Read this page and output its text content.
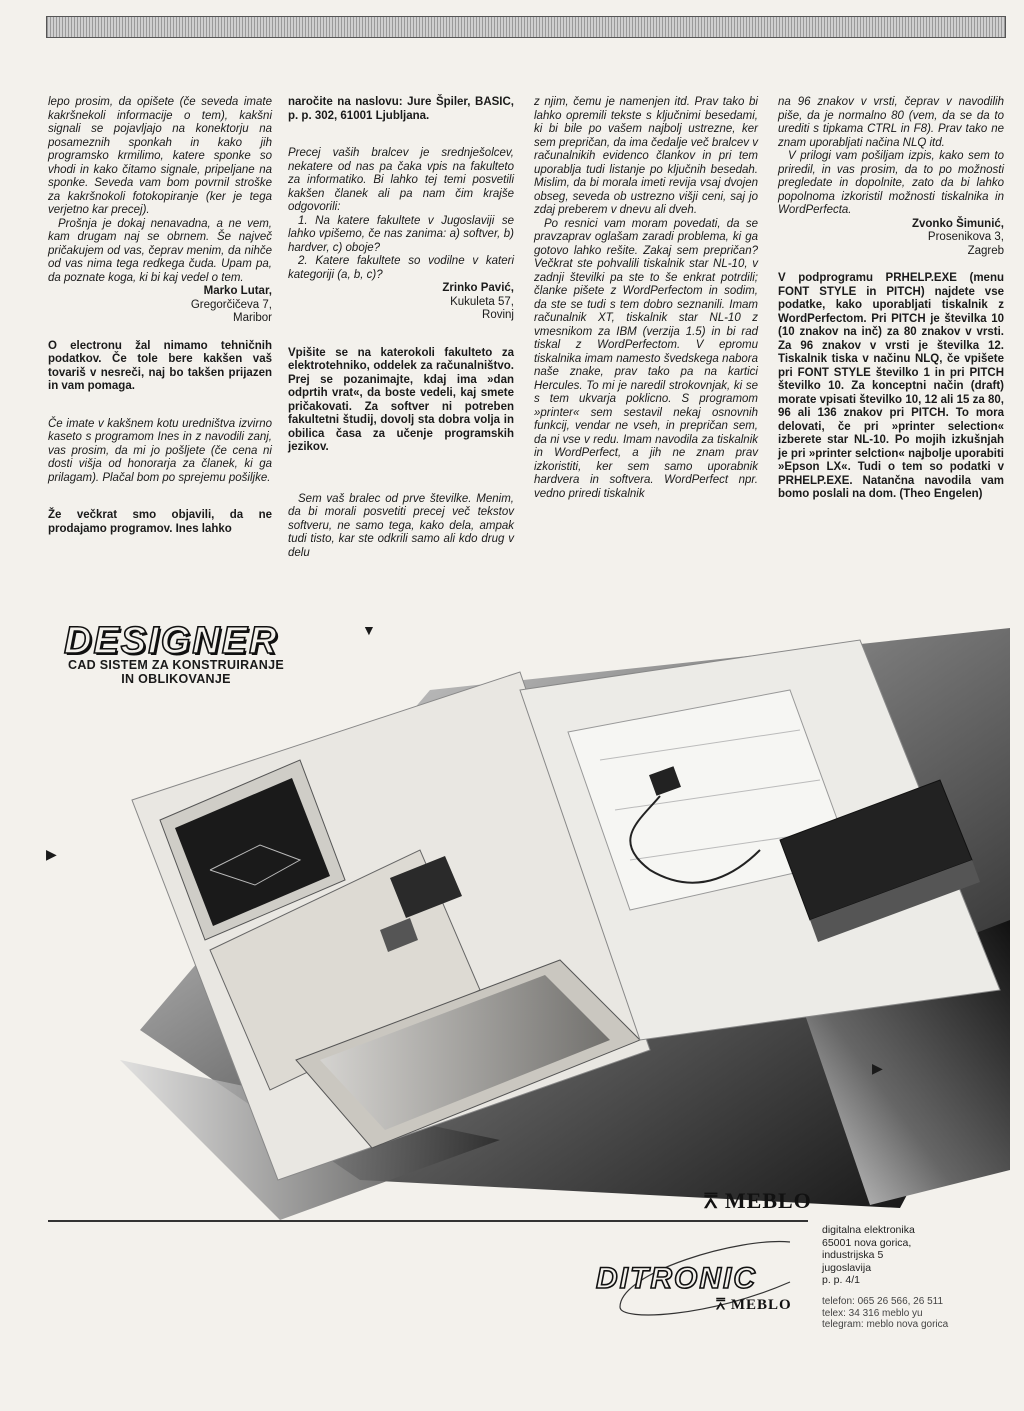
lepo prosim, da opišete (če seveda imate kakršnekoli informacije o tem), kakšni signali se pojavljajo na konektorju na posameznih sponkah in kako jih programsko krmilimo, katere sponke so vhodi in kako čitamo signale, pripeljane na sponke. Seveda vam bom povrnil stroške za kakršnokoli fotokopiranje (ker je tega verjetno kar precej).

Prošnja je dokaj nenavadna, a ne vem, kam drugam naj se obrnem. Še največ pričakujem od vas, čeprav menim, da nihče od vas nima tega redkega čuda. Upam pa, da poznate koga, ki bi kaj vedel o tem.

Marko Lutar,
Gregorčičeva 7,
Maribor

O electronu žal nimamo tehničnih podatkov. Če tole bere kakšen vaš tovariš v nesreči, naj bo takšen prijazen in vam pomaga.

Če imate v kakšnem kotu uredništva izvirno kaseto s programom Ines in z navodili zanj, vas prosim, da mi jo pošljete (če cena ni dosti višja od honorarja za članek, ki ga prilagam). Plačal bom po sprejemu pošiljke.

Že večkrat smo objavili, da ne prodajamo programov. Ines lahko

naročite na naslovu: Jure Špiler, BASIC, p. p. 302, 61001 Ljubljana.

Precej vaših bralcev je srednješolcev, nekatere od nas pa čaka vpis na fakulteto za informatiko. Bi lahko tej temi posvetili kakšen članek ali pa nam čim krajše odgovorili:

1. Na katere fakultete v Jugoslaviji se lahko vpišemo, če nas zanima: a) softver, b) hardver, c) oboje?

2. Katere fakultete so vodilne v kateri kategoriji (a, b, c)?

Zrinko Pavić,
Kukuleta 57,
Rovinj

Vpišite se na katerokoli fakulteto za elektrotehniko, oddelek za računalništvo. Prej se pozanimajte, kdaj ima »dan odprtih vrat«, da boste vedeli, kaj smete pričakovati. Za softver ni potreben fakultetni študij, dovolj sta dobra volja in obilica časa za učenje programskih jezikov.

Sem vaš bralec od prve številke. Menim, da bi morali posvetiti precej več tekstov softveru, ne samo tega, kako dela, ampak tudi tisto, kar ste odkrili samo ali kdo drug v delu

z njim, čemu je namenjen itd. Prav tako bi lahko opremili tekste s ključnimi besedami, ki bi bile po vašem najbolj ustrezne, ker sem prepričan, da ima čedalje več bralcev v računalnikih evidenco člankov in pri tem uporablja tudi listanje po ključnih besedah. Mislim, da bi morala imeti revija vsaj dvojen obseg, seveda ob ustrezno višji ceni, saj jo zdaj preberem v dnevu ali dveh.

Po resnici vam moram povedati, da se pravzaprav oglašam zaradi problema, ki ga gotovo lahko rešite. Zakaj sem prepričan? Večkrat ste pohvalili tiskalnik star NL-10, v zadnji številki pa ste to še enkrat potrdili; članke pišete z WordPerfectom in sodim, da ste se tudi s tem dobro seznanili. Imam računalnik XT, tiskalnik star NL-10 z vmesnikom za IBM (verzija 1.5) in bi rad tiskal z WordPerfectom. V epromu tiskalnika imam namesto švedskega nabora naše znake, prav tako pa na kartici Hercules. To mi je naredil strokovnjak, ki se s tem ukvarja poklicno. S programom »printer« sem sestavil nekaj osnovnih funkcij, vendar ne vseh, in prepričan sem, da ni vse v redu. Imam navodila za tiskalnik in WordPerfect, a jih ne znam prav izkoristiti, ker sem samo uporabnik hardvera in softvera. WordPerfect npr. vedno priredi tiskalnik

na 96 znakov v vrsti, čeprav v navodilih piše, da je normalno 80 (vem, da se da to urediti s tipkama CTRL in F8). Prav tako ne znam uporabljati načina NLQ itd.

V prilogi vam pošiljam izpis, kako sem to priredil, in vas prosim, da to po možnosti pregledate in dopolnite, zato da bi lahko popolnoma izkoristil možnosti tiskalnika in WordPerfecta.

Zvonko Šimunić,
Prosenikova 3,
Zagreb

V podprogramu PRHELP.EXE (menu FONT STYLE in PITCH) najdete vse podatke, kako uporabljati tiskalnik z WordPerfectom. Pri PITCH je številka 10 (10 znakov na inč) za 80 znakov v vrsti. Za 96 znakov v vrsti je številka 12. Tiskalnik tiska v načinu NLQ, če vpišete pri FONT STYLE številko 1 in pri PITCH številko 10. Za konceptni način (draft) morate vpisati številko 10, 12 ali 15 za 80, 96 ali 136 znakov pri PITCH. To mora delovati, če pri »printer selection« izberete star NL-10. Po mojih izkušnjah je pri »printer selction« najbolje uporabiti »Epson LX«. Tudi o tem so podatki v PRHELP.EXE. Natančna navodila vam bomo poslali na dom. (Theo Engelen)

DESIGNER
CAD SISTEM ZA KONSTRUIRANJE IN OBLIKOVANJE
▼
▶
▶
⩞ MEBLO
DITRONIC
⩞ MEBLO
digitalna elektronika
65001 nova gorica,
industrijska 5
jugoslavija
p. p. 4/1
telefon: 065 26 566, 26 511
telex: 34 316 meblo yu
telegram: meblo nova gorica
